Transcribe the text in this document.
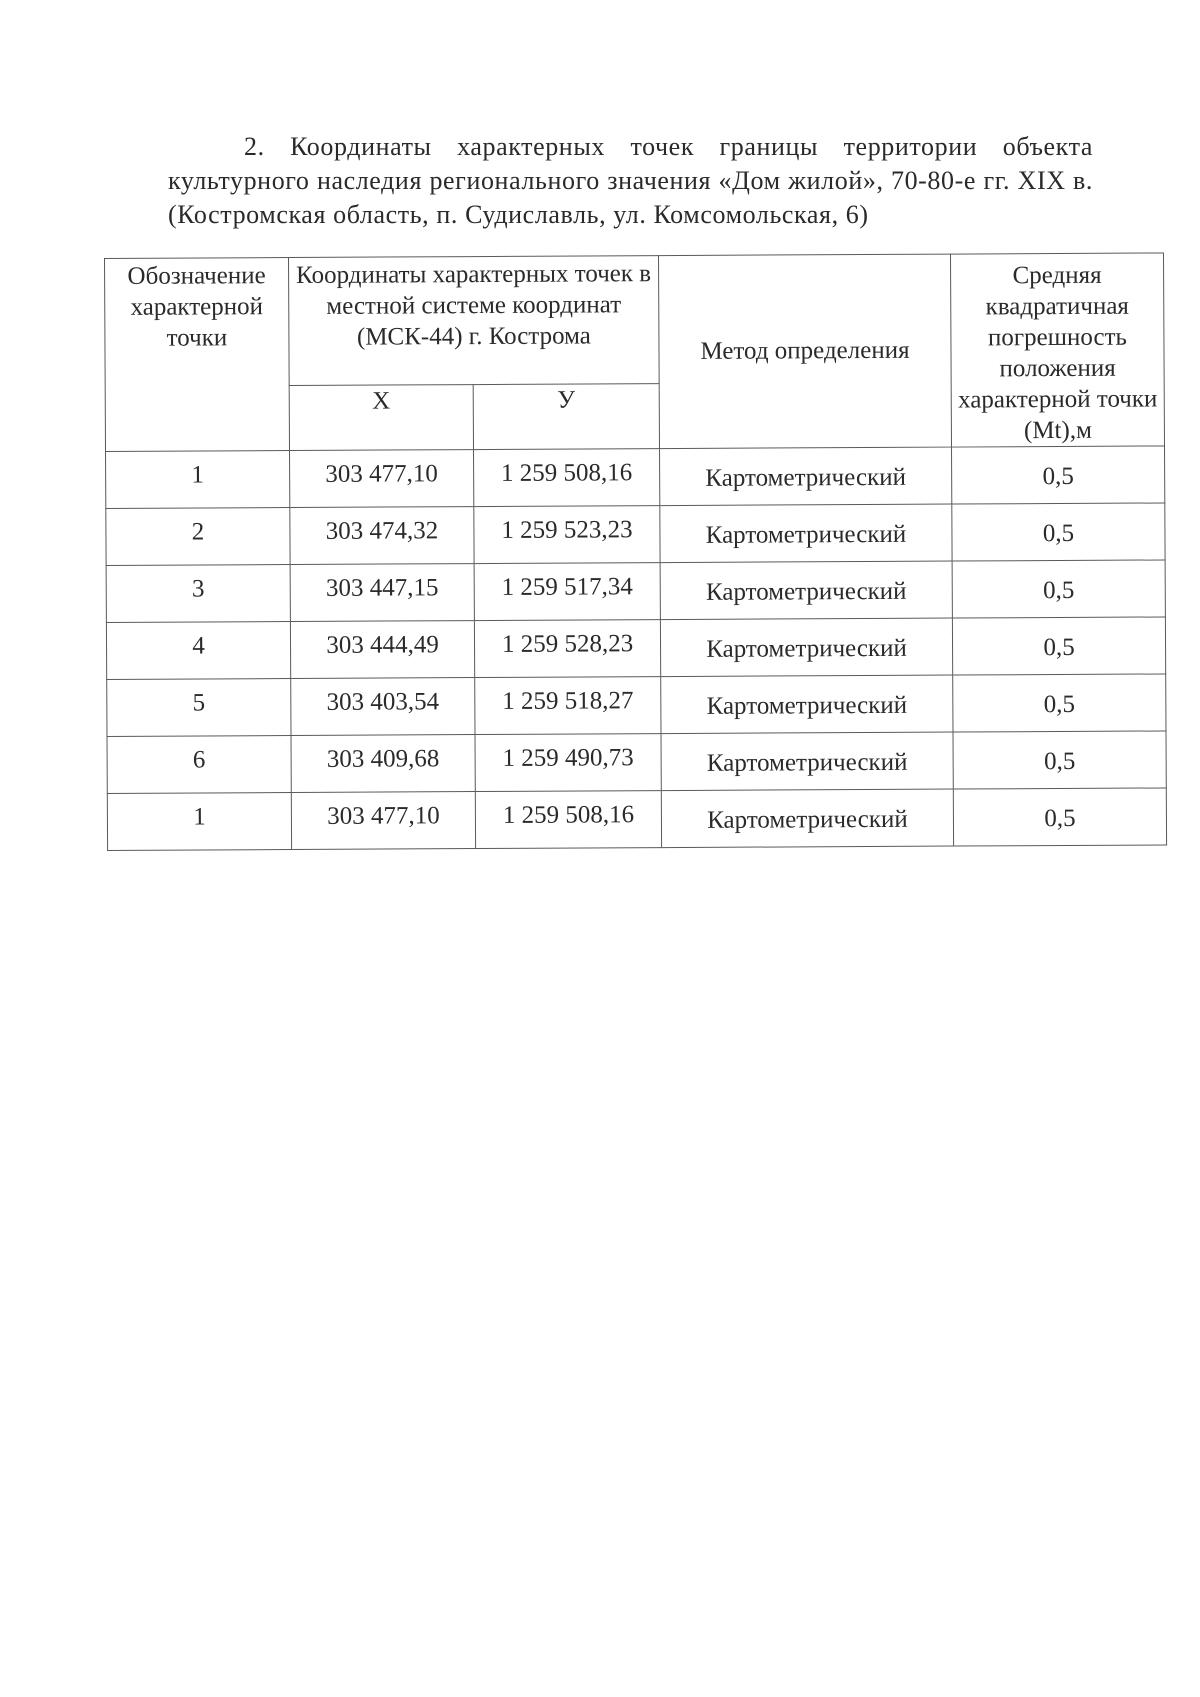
2. Координаты характерных точек границы территории объекта культурного наследия регионального значения «Дом жилой», 70-80-е гг. XIX в. (Костромская область, п. Судиславль, ул. Комсомольская, 6)

Обозначение характерной точки	Координаты характерных точек в местной системе координат (МСК-44) г. Кострома		Метод определения	Средняя квадратичная погрешность положения характерной точки (Mt),м
	X	У		
1	303 477,10	1 259 508,16	Картометрический	0,5
2	303 474,32	1 259 523,23	Картометрический	0,5
3	303 447,15	1 259 517,34	Картометрический	0,5
4	303 444,49	1 259 528,23	Картометрический	0,5
5	303 403,54	1 259 518,27	Картометрический	0,5
6	303 409,68	1 259 490,73	Картометрический	0,5
1	303 477,10	1 259 508,16	Картометрический	0,5
